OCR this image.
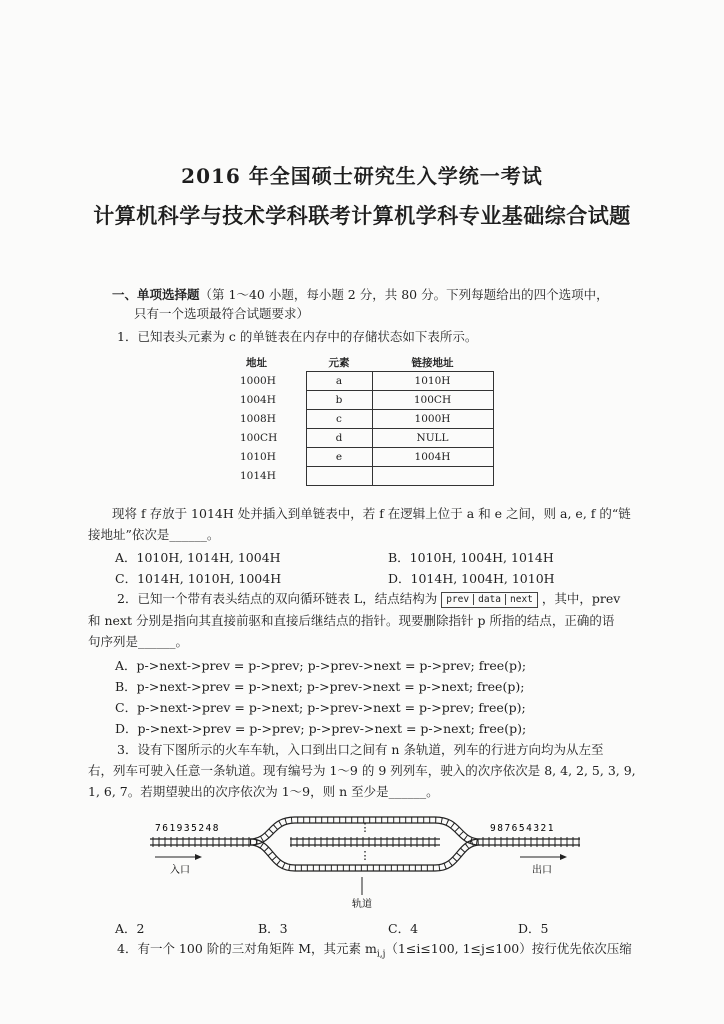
2016 年全国硕士研究生入学统一考试
计算机科学与技术学科联考计算机学科专业基础综合试题
一、单项选择题（第 1～40 小题，每小题 2 分，共 80 分。下列每题给出的四个选项中，
只有一个选项最符合试题要求）
1．已知表头元素为 c 的单链表在内存中的存储状态如下表所示。
地址	元素	链接地址
1000H	a	1010H
1004H	b	100CH
1008H	c	1000H
100CH	d	NULL
1010H	e	1004H
1014H		
现将 f 存放于 1014H 处并插入到单链表中，若 f 在逻辑上位于 a 和 e 之间，则 a, e, f 的“链
接地址”依次是______。
A．1010H, 1014H, 1004H	B．1010H, 1004H, 1014H
C．1014H, 1010H, 1004H	D．1014H, 1004H, 1010H
2．已知一个带有表头结点的双向循环链表 L，结点结构为 prev data next ，其中，prev
和 next 分别是指向其直接前驱和直接后继结点的指针。现要删除指针 p 所指的结点，正确的语
句序列是______。
A．p->next->prev = p->prev; p->prev->next = p->prev; free(p);
B．p->next->prev = p->next; p->prev->next = p->next; free(p);
C．p->next->prev = p->next; p->prev->next = p->prev; free(p);
D．p->next->prev = p->prev; p->prev->next = p->next; free(p);
3．设有下图所示的火车车轨，入口到出口之间有 n 条轨道，列车的行进方向均为从左至
右，列车可驶入任意一条轨道。现有编号为 1～9 的 9 列列车，驶入的次序依次是 8, 4, 2, 5, 3, 9,
1, 6, 7。若期望驶出的次序依次为 1～9，则 n 至少是______。
⋮
⋮
761935248	987654321
入口	出口
轨道
A．2	B．3	C．4	D．5
4．有一个 100 阶的三对角矩阵 M，其元素 $m_{i,j}(1\le i\le 100$, 1≤j≤100）按行优先依次压缩
